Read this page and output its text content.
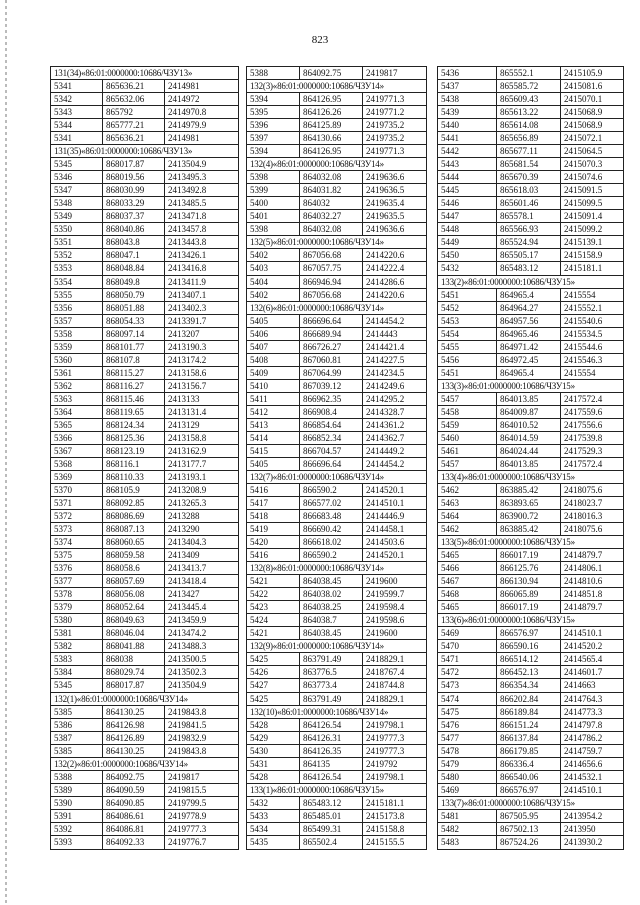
823
131(34)«86:01:0000000:10686/ЧЗУ13»
5341	865636.21	2414981
5342	865632.06	2414972
5343	865792	2414970.8
5344	865777.21	2414979.9
5341	865636.21	2414981
131(35)«86:01:0000000:10686/ЧЗУ13»
5345	868017.87	2413504.9
5346	868019.56	2413495.3
5347	868030.99	2413492.8
5348	868033.29	2413485.5
5349	868037.37	2413471.8
5350	868040.86	2413457.8
5351	868043.8	2413443.8
5352	868047.1	2413426.1
5353	868048.84	2413416.8
5354	868049.8	2413411.9
5355	868050.79	2413407.1
5356	868051.88	2413402.3
5357	868054.33	2413391.7
5358	868097.14	2413207
5359	868101.77	2413190.3
5360	868107.8	2413174.2
5361	868115.27	2413158.6
5362	868116.27	2413156.7
5363	868115.46	2413133
5364	868119.65	2413131.4
5365	868124.34	2413129
5366	868125.36	2413158.8
5367	868123.19	2413162.9
5368	868116.1	2413177.7
5369	868110.33	2413193.1
5370	868105.9	2413208.9
5371	868092.85	2413265.3
5372	868086.69	2413288
5373	868087.13	2413290
5374	868060.65	2413404.3
5375	868059.58	2413409
5376	868058.6	2413413.7
5377	868057.69	2413418.4
5378	868056.08	2413427
5379	868052.64	2413445.4
5380	868049.63	2413459.9
5381	868046.04	2413474.2
5382	868041.88	2413488.3
5383	868038	2413500.5
5384	868029.74	2413502.3
5345	868017.87	2413504.9
132(1)«86:01:0000000:10686/ЧЗУ14»
5385	864130.25	2419843.8
5386	864126.98	2419841.5
5387	864126.89	2419832.9
5385	864130.25	2419843.8
132(2)«86:01:0000000:10686/ЧЗУ14»
5388	864092.75	2419817
5389	864090.59	2419815.5
5390	864090.85	2419799.5
5391	864086.61	2419778.9
5392	864086.81	2419777.3
5393	864092.33	2419776.7
5388	864092.75	2419817
132(3)«86:01:0000000:10686/ЧЗУ14»
5394	864126.95	2419771.3
5395	864126.26	2419771.2
5396	864125.89	2419735.2
5397	864130.66	2419735.2
5394	864126.95	2419771.3
132(4)«86:01:0000000:10686/ЧЗУ14»
5398	864032.08	2419636.6
5399	864031.82	2419636.5
5400	864032	2419635.4
5401	864032.27	2419635.5
5398	864032.08	2419636.6
132(5)«86:01:0000000:10686/ЧЗУ14»
5402	867056.68	2414220.6
5403	867057.75	2414222.4
5404	866946.94	2414286.6
5402	867056.68	2414220.6
132(6)«86:01:0000000:10686/ЧЗУ14»
5405	866696.64	2414454.2
5406	866689.94	2414443
5407	866726.27	2414421.4
5408	867060.81	2414227.5
5409	867064.99	2414234.5
5410	867039.12	2414249.6
5411	866962.35	2414295.2
5412	866908.4	2414328.7
5413	866854.64	2414361.2
5414	866852.34	2414362.7
5415	866704.57	2414449.2
5405	866696.64	2414454.2
132(7)«86:01:0000000:10686/ЧЗУ14»
5416	866590.2	2414520.1
5417	866577.02	2414510.1
5418	866683.48	2414446.9
5419	866690.42	2414458.1
5420	866618.02	2414503.6
5416	866590.2	2414520.1
132(8)«86:01:0000000:10686/ЧЗУ14»
5421	864038.45	2419600
5422	864038.02	2419599.7
5423	864038.25	2419598.4
5424	864038.7	2419598.6
5421	864038.45	2419600
132(9)«86:01:0000000:10686/ЧЗУ14»
5425	863791.49	2418829.1
5426	863776.5	2418767.4
5427	863773.4	2418744.8
5425	863791.49	2418829.1
132(10)«86:01:0000000:10686/ЧЗУ14»
5428	864126.54	2419798.1
5429	864126.31	2419777.3
5430	864126.35	2419777.3
5431	864135	2419792
5428	864126.54	2419798.1
133(1)«86:01:0000000:10686/ЧЗУ15»
5432	865483.12	2415181.1
5433	865485.01	2415173.8
5434	865499.31	2415158.8
5435	865502.4	2415155.5
5436	865552.1	2415105.9
5437	865585.72	2415081.6
5438	865609.43	2415070.1
5439	865613.22	2415068.9
5440	865614.08	2415068.9
5441	865656.89	2415072.1
5442	865677.11	2415064.5
5443	865681.54	2415070.3
5444	865670.39	2415074.6
5445	865618.03	2415091.5
5446	865601.46	2415099.5
5447	865578.1	2415091.4
5448	865566.93	2415099.2
5449	865524.94	2415139.1
5450	865505.17	2415158.9
5432	865483.12	2415181.1
133(2)«86:01:0000000:10686/ЧЗУ15»
5451	864965.4	2415554
5452	864964.27	2415552.1
5453	864957.56	2415540.6
5454	864965.46	2415534.5
5455	864971.42	2415544.6
5456	864972.45	2415546.3
5451	864965.4	2415554
133(3)«86:01:0000000:10686/ЧЗУ15»
5457	864013.85	2417572.4
5458	864009.87	2417559.6
5459	864010.52	2417556.6
5460	864014.59	2417539.8
5461	864024.44	2417529.3
5457	864013.85	2417572.4
133(4)«86:01:0000000:10686/ЧЗУ15»
5462	863885.42	2418075.6
5463	863893.65	2418023.7
5464	863900.72	2418016.3
5462	863885.42	2418075.6
133(5)«86:01:0000000:10686/ЧЗУ15»
5465	866017.19	2414879.7
5466	866125.76	2414806.1
5467	866130.94	2414810.6
5468	866065.89	2414851.8
5465	866017.19	2414879.7
133(6)«86:01:0000000:10686/ЧЗУ15»
5469	866576.97	2414510.1
5470	866590.16	2414520.2
5471	866514.12	2414565.4
5472	866452.13	2414601.7
5473	866354.34	2414663
5474	866202.84	2414764.3
5475	866189.84	2414773.3
5476	866151.24	2414797.8
5477	866137.84	2414786.2
5478	866179.85	2414759.7
5479	866336.4	2414656.6
5480	866540.06	2414532.1
5469	866576.97	2414510.1
133(7)«86:01:0000000:10686/ЧЗУ15»
5481	867505.95	2413954.2
5482	867502.13	2413950
5483	867524.26	2413930.2
